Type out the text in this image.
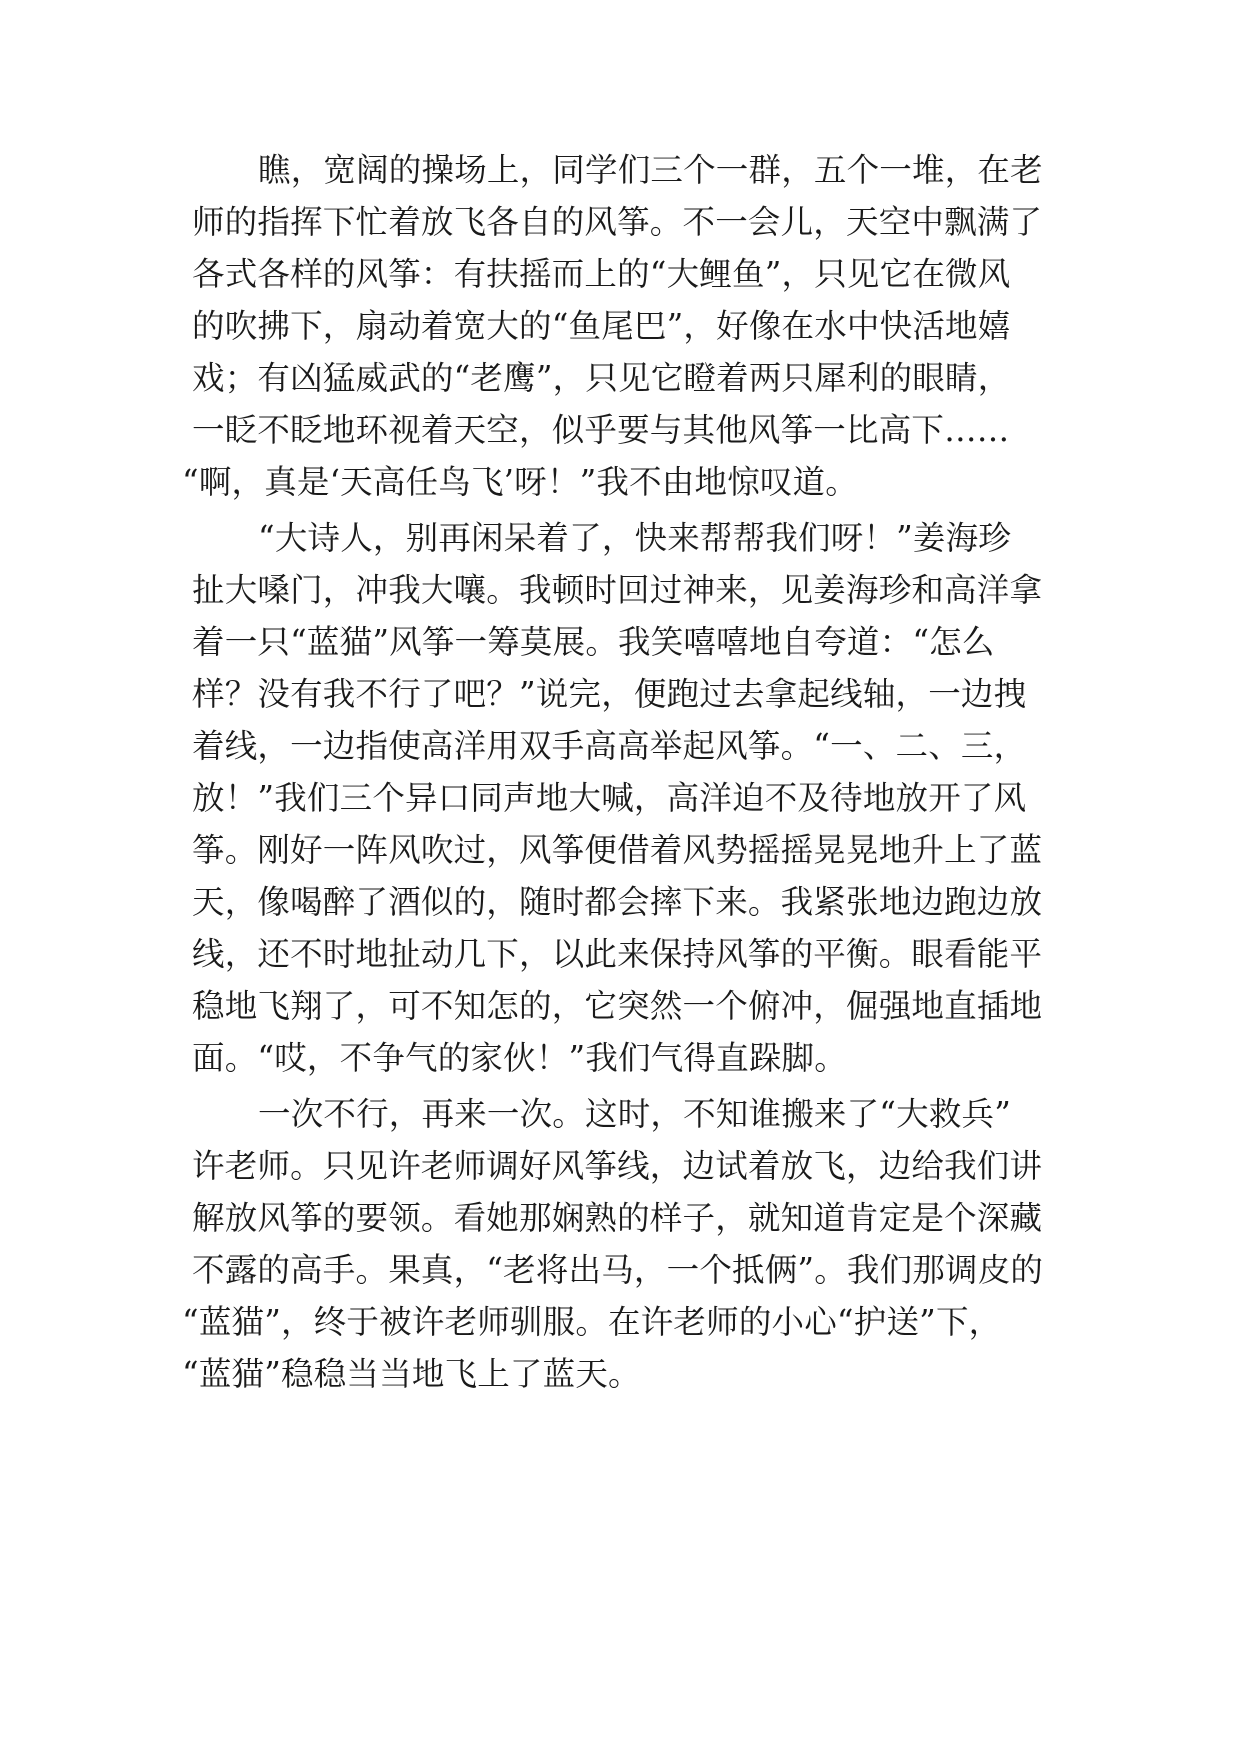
瞧，宽阔的操场上，同学们三个一群，五个一堆，在老
师的指挥下忙着放飞各自的风筝。不一会儿，天空中飘满了
各式各样的风筝：有扶摇而上的“大鲤鱼”，只见它在微风
的吹拂下，扇动着宽大的“鱼尾巴”，好像在水中快活地嬉
戏；有凶猛威武的“老鹰”，只见它瞪着两只犀利的眼睛，
一眨不眨地环视着天空，似乎要与其他风筝一比高下……
“啊，真是‘天高任鸟飞’呀！”我不由地惊叹道。
“大诗人，别再闲呆着了，快来帮帮我们呀！”姜海珍
扯大嗓门，冲我大嚷。我顿时回过神来，见姜海珍和高洋拿
着一只“蓝猫”风筝一筹莫展。我笑嘻嘻地自夸道：“怎么
样？没有我不行了吧？”说完，便跑过去拿起线轴，一边拽
着线，一边指使高洋用双手高高举起风筝。“一、二、三，
放！”我们三个异口同声地大喊，高洋迫不及待地放开了风
筝。刚好一阵风吹过，风筝便借着风势摇摇晃晃地升上了蓝
天，像喝醉了酒似的，随时都会摔下来。我紧张地边跑边放
线，还不时地扯动几下，以此来保持风筝的平衡。眼看能平
稳地飞翔了，可不知怎的，它突然一个俯冲，倔强地直插地
面。“哎，不争气的家伙！”我们气得直跺脚。
一次不行，再来一次。这时，不知谁搬来了“大救兵”
许老师。只见许老师调好风筝线，边试着放飞，边给我们讲
解放风筝的要领。看她那娴熟的样子，就知道肯定是个深藏
不露的高手。果真，“老将出马，一个抵俩”。我们那调皮的
“蓝猫”，终于被许老师驯服。在许老师的小心“护送”下，
“蓝猫”稳稳当当地飞上了蓝天。
